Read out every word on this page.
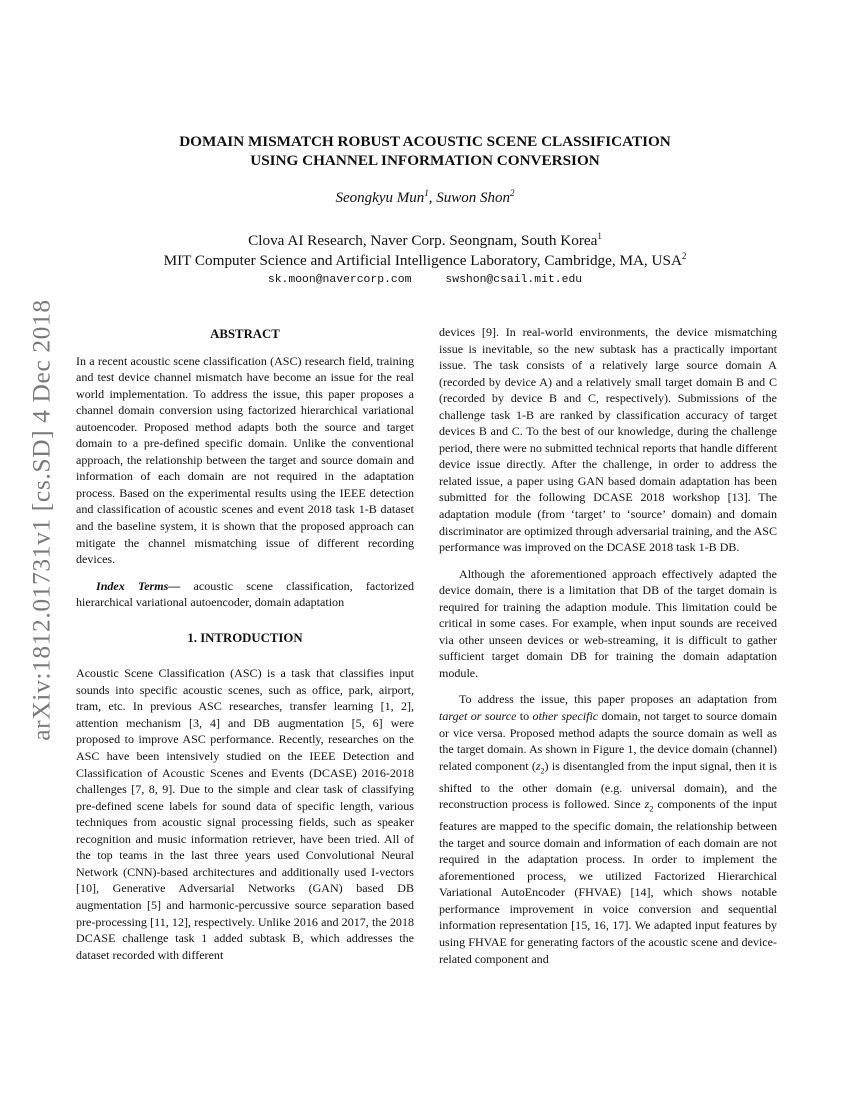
arXiv:1812.01731v1 [cs.SD] 4 Dec 2018
DOMAIN MISMATCH ROBUST ACOUSTIC SCENE CLASSIFICATION
USING CHANNEL INFORMATION CONVERSION
Seongkyu Mun$^1$, Suwon Shon$^2$
Clova AI Research, Naver Corp. Seongnam, South Korea$^1$
MIT Computer Science and Artificial Intelligence Laboratory, Cambridge, MA, USA$^2$
sk.moon@navercorp.com	swshon@csail.mit.edu
ABSTRACT

In a recent acoustic scene classification (ASC) research field, training and test device channel mismatch have become an issue for the real world implementation. To address the issue, this paper proposes a channel domain conversion using factorized hierarchical variational autoencoder. Proposed method adapts both the source and target domain to a pre-defined specific domain. Unlike the conventional approach, the relationship between the target and source domain and information of each domain are not required in the adaptation process. Based on the experimental results using the IEEE detection and classification of acoustic scenes and event 2018 task 1-B dataset and the baseline system, it is shown that the proposed approach can mitigate the channel mismatching issue of different recording devices.

Index Terms— acoustic scene classification, factorized hierarchical variational autoencoder, domain adaptation

1. INTRODUCTION

Acoustic Scene Classification (ASC) is a task that classifies input sounds into specific acoustic scenes, such as office, park, airport, tram, etc. In previous ASC researches, transfer learning [1, 2], attention mechanism [3, 4] and DB augmentation [5, 6] were proposed to improve ASC performance. Recently, researches on the ASC have been intensively studied on the IEEE Detection and Classification of Acoustic Scenes and Events (DCASE) 2016-2018 challenges [7, 8, 9]. Due to the simple and clear task of classifying pre-defined scene labels for sound data of specific length, various techniques from acoustic signal processing fields, such as speaker recognition and music information retriever, have been tried. All of the top teams in the last three years used Convolutional Neural Network (CNN)-based architectures and additionally used I-vectors [10], Generative Adversarial Networks (GAN) based DB augmentation [5] and harmonic-percussive source separation based pre-processing [11, 12], respectively. Unlike 2016 and 2017, the 2018 DCASE challenge task 1 added subtask B, which addresses the dataset recorded with different

devices [9]. In real-world environments, the device mismatching issue is inevitable, so the new subtask has a practically important issue. The task consists of a relatively large source domain A (recorded by device A) and a relatively small target domain B and C (recorded by device B and C, respectively). Submissions of the challenge task 1-B are ranked by classification accuracy of target devices B and C. To the best of our knowledge, during the challenge period, there were no submitted technical reports that handle different device issue directly. After the challenge, in order to address the related issue, a paper using GAN based domain adaptation has been submitted for the following DCASE 2018 workshop [13]. The adaptation module (from ‘target’ to ‘source’ domain) and domain discriminator are optimized through adversarial training, and the ASC performance was improved on the DCASE 2018 task 1-B DB.

Although the aforementioned approach effectively adapted the device domain, there is a limitation that DB of the target domain is required for training the adaption module. This limitation could be critical in some cases. For example, when input sounds are received via other unseen devices or web-streaming, it is difficult to gather sufficient target domain DB for training the domain adaptation module.

To address the issue, this paper proposes an adaptation from target or source to other specific domain, not target to source domain or vice versa. Proposed method adapts the source domain as well as the target domain. As shown in Figure 1, the device domain (channel) related component $(z_2)$ is disentangled from the input signal, then it is shifted to the other domain (e.g. universal domain), and the reconstruction process is followed. Since $z_2$ components of the input features are mapped to the specific domain, the relationship between the target and source domain and information of each domain are not required in the adaptation process. In order to implement the aforementioned process, we utilized Factorized Hierarchical Variational AutoEncoder (FHVAE) [14], which shows notable performance improvement in voice conversion and sequential information representation [15, 16, 17]. We adapted input features by using FHVAE for generating factors of the acoustic scene and device-related component and
